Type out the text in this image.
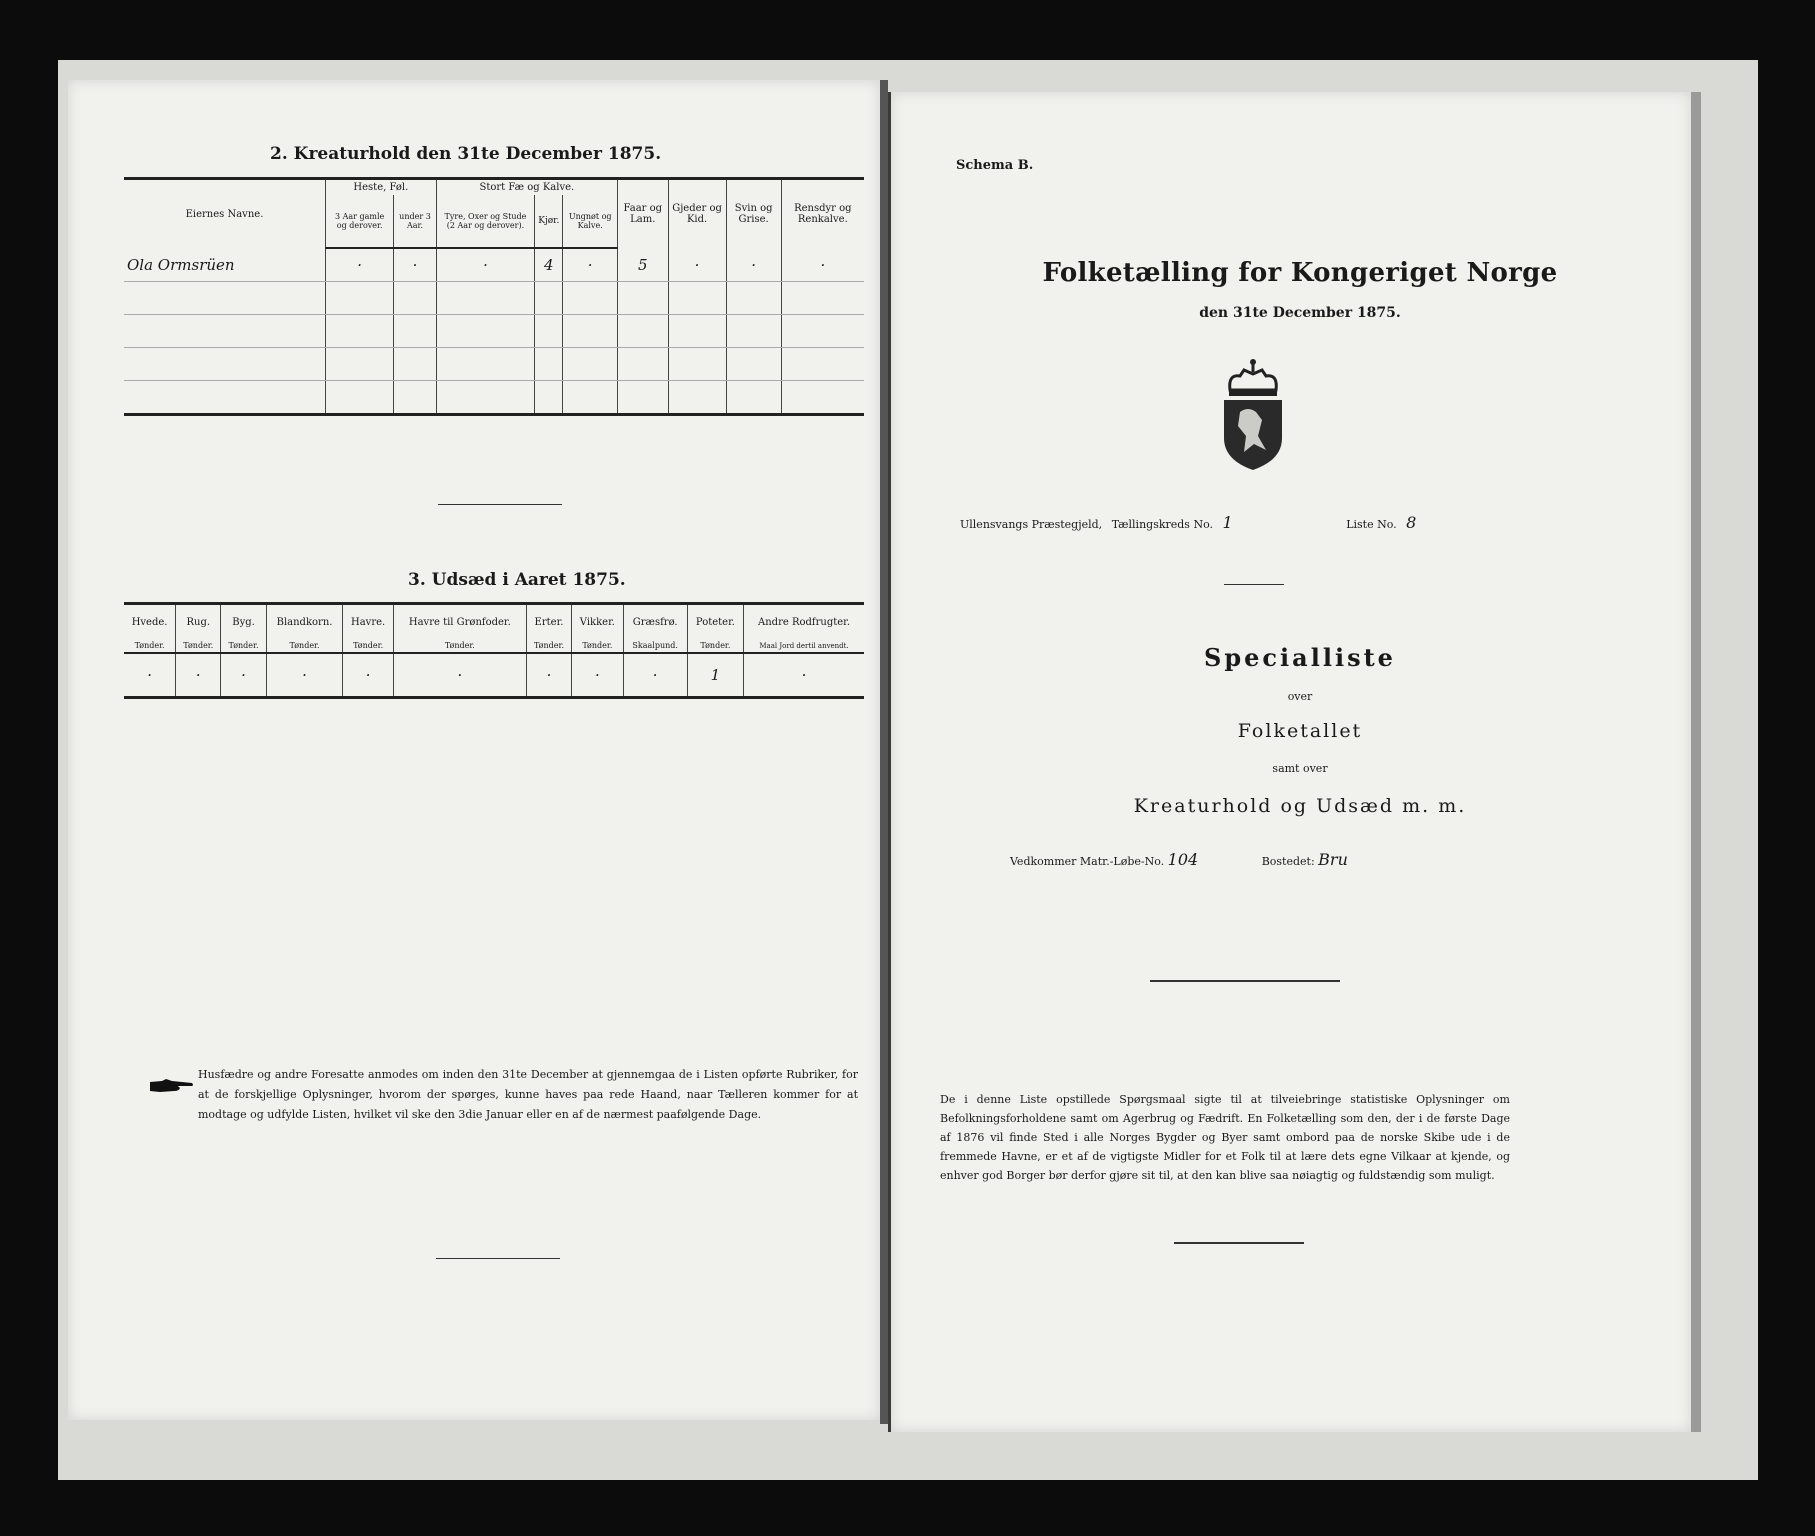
2. Kreaturhold den 31te December 1875.
Eiernes Navne.	Heste, Føl.		Stort Fæ og Kalve.			Faar og Lam.	Gjeder og Kid.	Svin og Grise.	Rensdyr og Renkalve.
	3 Aar gamle og derover.	under 3 Aar.	Tyre, Oxer og Stude (2 Aar og derover).	Kjør.	Ungnøt og Kalve.				
Ola Ormsrüen	·	·	·	4	·	5	·	·	·

3. Udsæd i Aaret 1875.
Hvede.	Rug.	Byg.	Blandkorn.	Havre.	Havre til Grønfoder.	Erter.	Vikker.	Græsfrø.	Poteter.	Andre Rodfrugter.
Tønder.	Tønder.	Tønder.	Tønder.	Tønder.	Tønder.	Tønder.	Tønder.	Skaalpund.	Tønder.	Maal Jord dertil anvendt.
·	·	·	·	·	·	·	·	·	1	·
Husfædre og andre Foresatte anmodes om inden den 31te December at gjennemgaa de i Listen opførte Rubriker, for at de forskjellige Oplysninger, hvorom der spørges, kunne haves paa rede Haand, naar Tælleren kommer for at modtage og udfylde Listen, hvilket vil ske den 3die Januar eller en af de nærmest paafølgende Dage.
Schema B.
Folketælling for Kongeriget Norge
den 31te December 1875.
Ullensvangs Præstegjeld, Tællingskreds No. 1	Liste No. 8
Specialliste
over
Folketallet
samt over
Kreaturhold og Udsæd m. m.
Vedkommer Matr.-Løbe-No. 104	Bostedet: Bru
De i denne Liste opstillede Spørgsmaal sigte til at tilveiebringe statistiske Oplysninger om Befolkningsforholdene samt om Agerbrug og Fædrift. En Folketælling som den, der i de første Dage af 1876 vil finde Sted i alle Norges Bygder og Byer samt ombord paa de norske Skibe ude i de fremmede Havne, er et af de vigtigste Midler for et Folk til at lære dets egne Vilkaar at kjende, og enhver god Borger bør derfor gjøre sit til, at den kan blive saa nøiagtig og fuldstændig som muligt.
